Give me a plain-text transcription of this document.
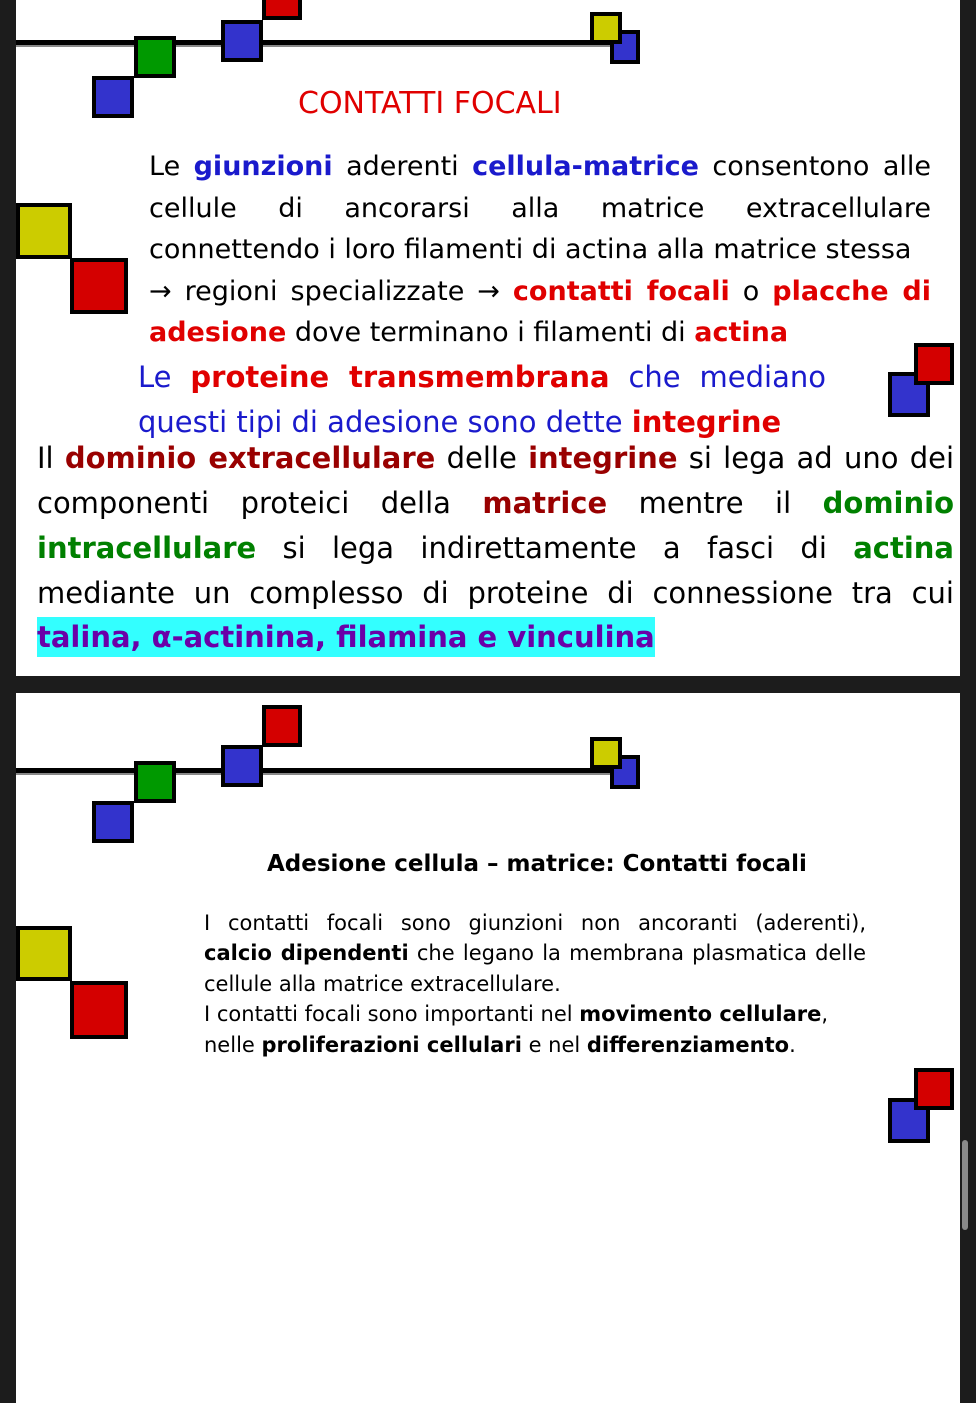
CONTATTI FOCALI
Le giunzioni aderenti cellula-matrice consentono alle
cellule di ancorarsi alla matrice extracellulare
connettendo i loro filamenti di actina alla matrice stessa
→ regioni specializzate → contatti focali o placche di
adesione dove terminano i filamenti di actina
Le proteine transmembrana che mediano
questi tipi di adesione sono dette integrine
Il dominio extracellulare delle integrine si lega ad uno dei
componenti proteici della matrice mentre il dominio
intracellulare si lega indirettamente a fasci di actina
mediante un complesso di proteine di connessione tra cui
talina, α-actinina, filamina e vinculina
Adesione cellula – matrice: Contatti focali
I contatti focali sono giunzioni non ancoranti (aderenti),
calcio dipendenti che legano la membrana plasmatica delle
cellule alla matrice extracellulare.
I contatti focali sono importanti nel movimento cellulare,
nelle proliferazioni cellulari e nel differenziamento.
